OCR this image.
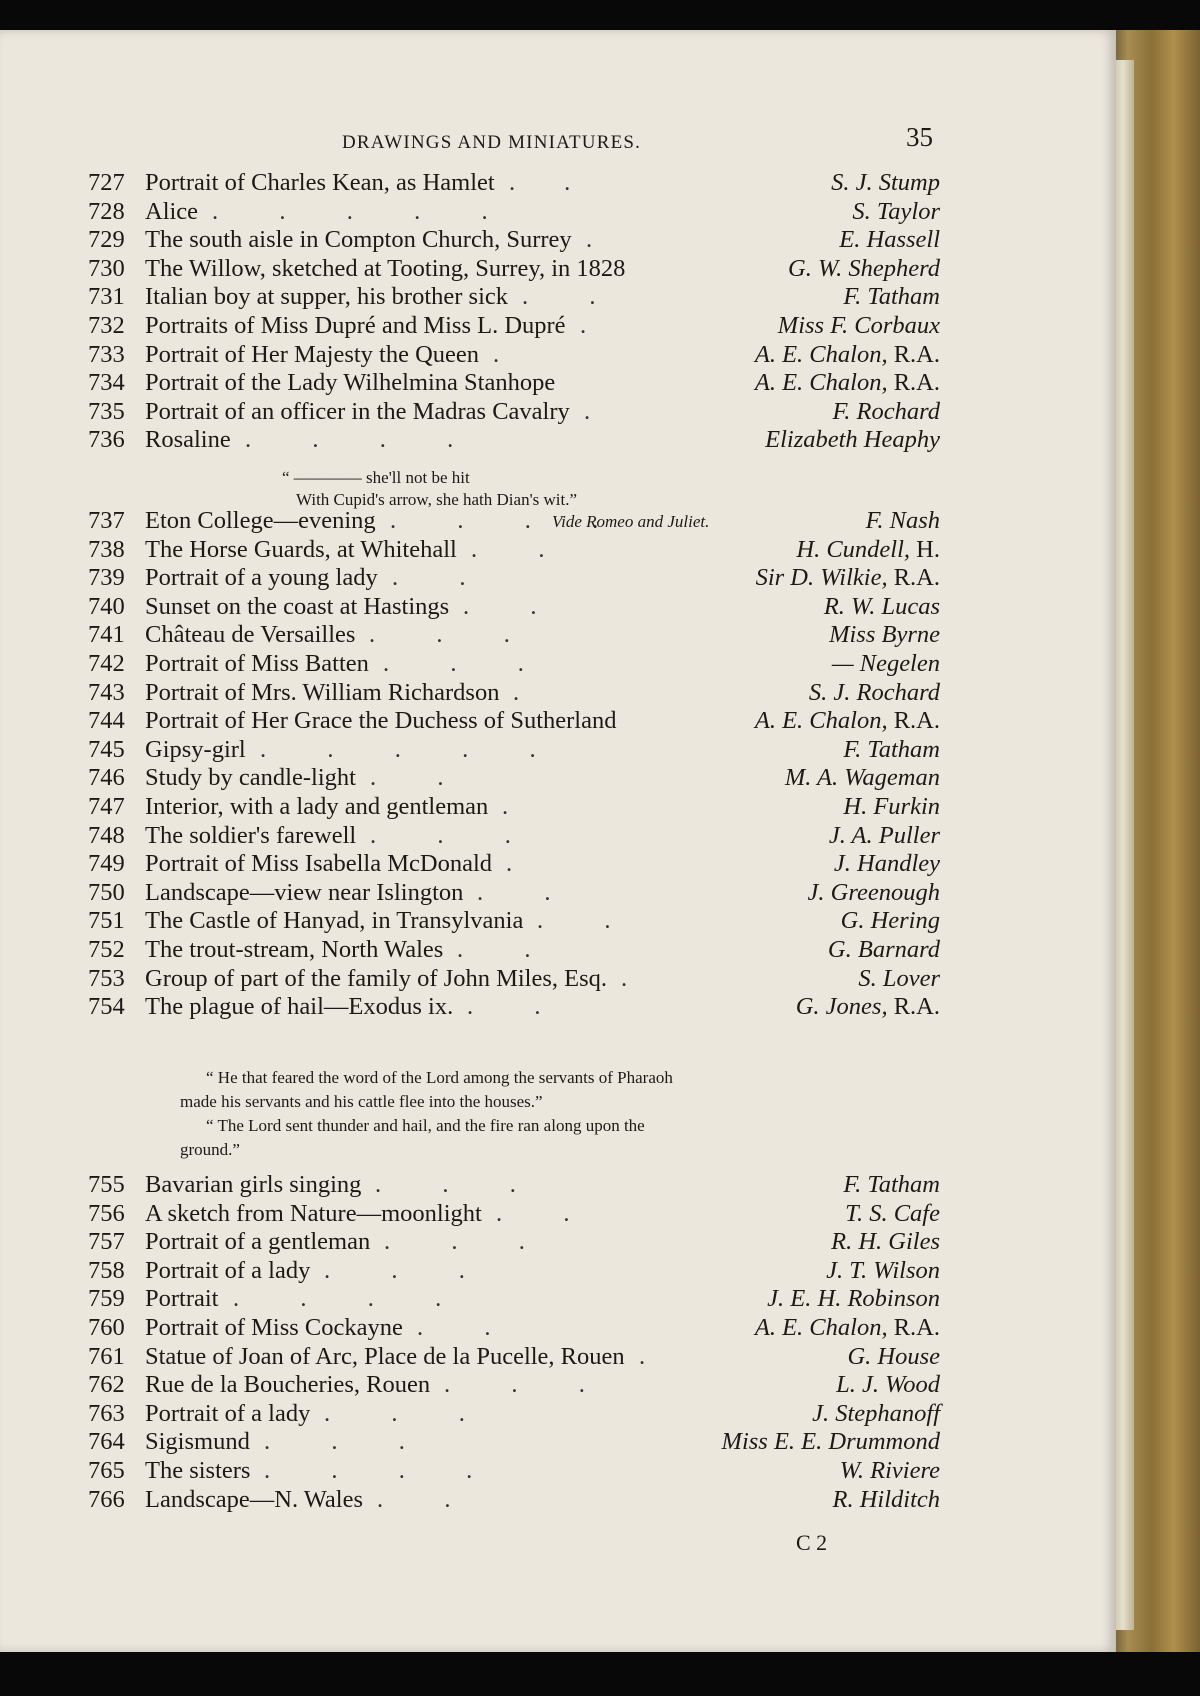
DRAWINGS AND MINIATURES.	35
727 Portrait of Charles Kean, as Hamlet .        .	S. J. Stump
728 Alice .          .          .          .          .	S. Taylor
729 The south aisle in Compton Church, Surrey .	E. Hassell
730 The Willow, sketched at Tooting, Surrey, in 1828	G. W. Shepherd
731 Italian boy at supper, his brother sick .          .	F. Tatham
732 Portraits of Miss Dupré and Miss L. Dupré .	Miss F. Corbaux
733 Portrait of Her Majesty the Queen .	A. E. Chalon, R.A.
734 Portrait of the Lady Wilhelmina Stanhope	A. E. Chalon, R.A.
735 Portrait of an officer in the Madras Cavalry .	F. Rochard
736 Rosaline .          .          .          .	Elizabeth Heaphy
737 Eton College—evening .          .          .          .	F. Nash
738 The Horse Guards, at Whitehall .          .	H. Cundell, H.
739 Portrait of a young lady .          .	Sir D. Wilkie, R.A.
740 Sunset on the coast at Hastings .          .	R. W. Lucas
741 Château de Versailles .          .          .	Miss Byrne
742 Portrait of Miss Batten .          .          .	— Negelen
743 Portrait of Mrs. William Richardson .	S. J. Rochard
744 Portrait of Her Grace the Duchess of Sutherland	A. E. Chalon, R.A.
745 Gipsy-girl .          .          .          .          .	F. Tatham
746 Study by candle-light .          .	M. A. Wageman
747 Interior, with a lady and gentleman .	H. Furkin
748 The soldier's farewell .          .          .	J. A. Puller
749 Portrait of Miss Isabella McDonald .	J. Handley
750 Landscape—view near Islington .          .	J. Greenough
751 The Castle of Hanyad, in Transylvania .          .	G. Hering
752 The trout-stream, North Wales .          .	G. Barnard
753 Group of part of the family of John Miles, Esq. .	S. Lover
754 The plague of hail—Exodus ix. .          .	G. Jones, R.A.
755 Bavarian girls singing .          .          .	F. Tatham
756 A sketch from Nature—moonlight .          .	T. S. Cafe
757 Portrait of a gentleman .          .          .	R. H. Giles
758 Portrait of a lady .          .          .	J. T. Wilson
759 Portrait .          .          .          .	J. E. H. Robinson
760 Portrait of Miss Cockayne .          .	A. E. Chalon, R.A.
761 Statue of Joan of Arc, Place de la Pucelle, Rouen .	G. House
762 Rue de la Boucheries, Rouen .          .          .	L. J. Wood
763 Portrait of a lady .          .          .	J. Stephanoff
764 Sigismund .          .          .	Miss E. E. Drummond
765 The sisters .          .          .          .	W. Riviere
766 Landscape—N. Wales .          .	R. Hilditch
“ ———— she'll not be hit
With Cupid's arrow, she hath Dian's wit.”
Vide Romeo and Juliet.
“ He that feared the word of the Lord among the servants of Pharaoh
made his servants and his cattle flee into the houses.”
“ The Lord sent thunder and hail, and the fire ran along upon the
ground.”
C 2
